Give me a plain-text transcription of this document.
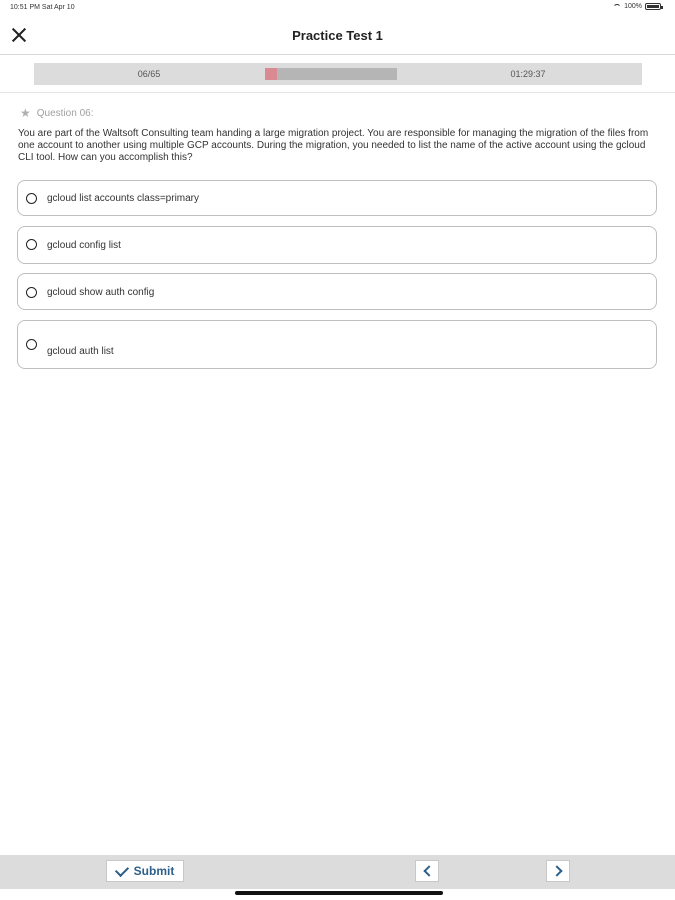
10:51 PM Sat Apr 10	100%
Practice Test 1
06/65	01:29:37
★ Question 06:
You are part of the Waltsoft Consulting team handing a large migration project. You are responsible for managing the migration of the files from one account to another using multiple GCP accounts. During the migration, you needed to list the name of the active account using the gcloud CLI tool. How can you accomplish this?
gcloud list accounts class=primary
gcloud config list
gcloud show auth config
gcloud auth list
Submit
